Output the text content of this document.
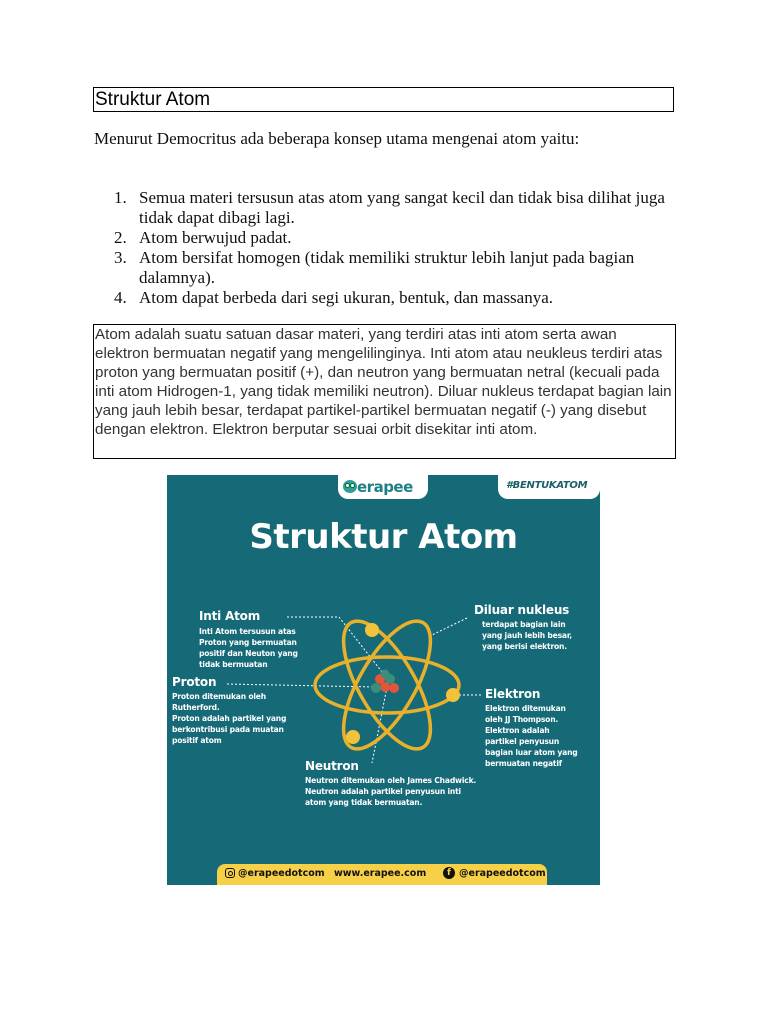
Struktur Atom

Menurut Democritus ada beberapa konsep utama mengenai atom yaitu:

1. Semua materi tersusun atas atom yang sangat kecil dan tidak bisa dilihat juga tidak dapat dibagi lagi.
2. Atom berwujud padat.
3. Atom bersifat homogen (tidak memiliki struktur lebih lanjut pada bagian dalamnya).
4. Atom dapat berbeda dari segi ukuran, bentuk, dan massanya.
Atom adalah suatu satuan dasar materi, yang terdiri atas inti atom serta awan elektron bermuatan negatif yang mengelilinginya. Inti atom atau neukleus terdiri atas proton yang bermuatan positif (+), dan neutron yang bermuatan netral (kecuali pada inti atom Hidrogen-1, yang tidak memiliki neutron). Diluar nukleus terdapat bagian lain yang jauh lebih besar, terdapat partikel-partikel bermuatan negatif (-) yang disebut dengan elektron. Elektron berputar sesuai orbit disekitar inti atom.
erapee	#BENTUKATOM
Struktur Atom
Inti Atom
Inti Atom tersusun atas
Proton yang bermuatan
positif dan Neuton yang
tidak bermuatan
Proton
Proton ditemukan oleh
Rutherford.
Proton adalah partikel yang
berkontribusi pada muatan
positif atom
Neutron
Neutron ditemukan oleh James Chadwick.
Neutron adalah partikel penyusun inti
atom yang tidak bermuatan.
Diluar nukleus
terdapat bagian lain
yang jauh lebih besar,
yang berisi elektron.
Elektron
Elektron ditemukan
oleh JJ Thompson.
Elektron adalah
partikel penyusun
bagian luar atom yang
bermuatan negatif
@erapeedotcom www.erapee.com	f @erapeedotcom
